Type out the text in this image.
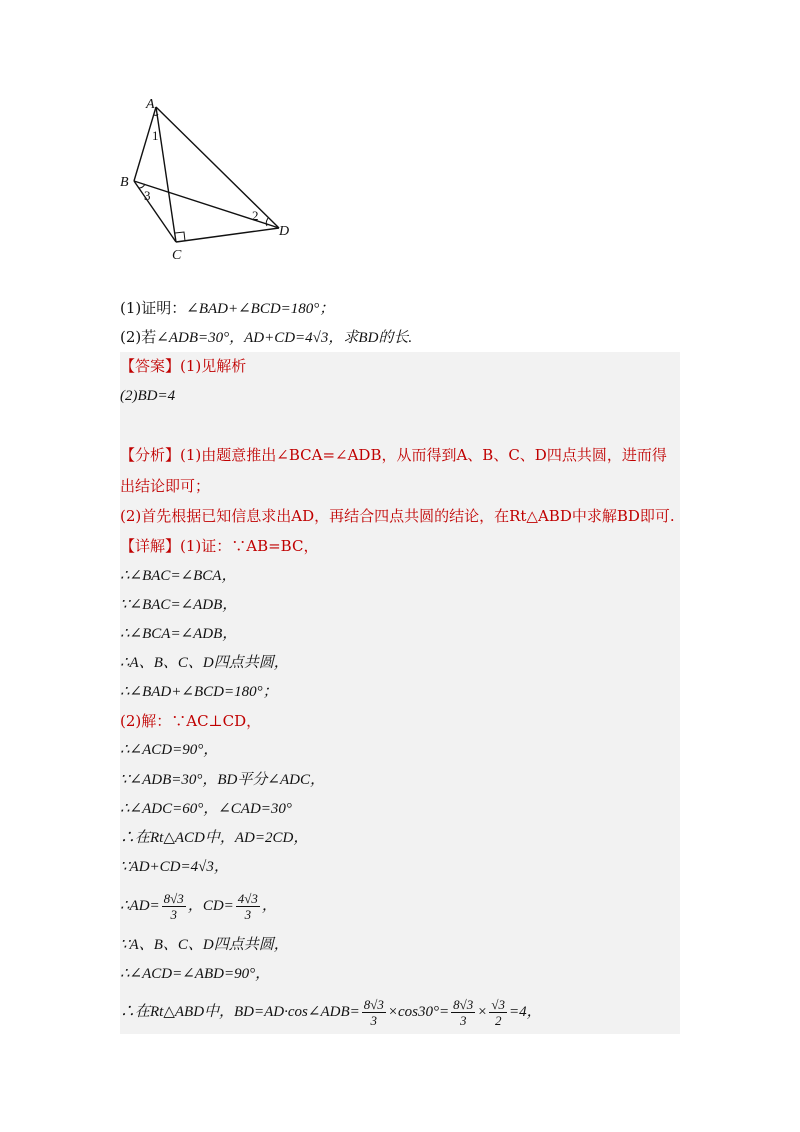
A
B
C
D
1
2
3
(1)证明：∠BAD+∠BCD=180°；
(2)若∠ADB=30°，AD+CD=4√3，求BD的长.
【答案】(1)见解析
(2)BD=4
【分析】(1)由题意推出∠BCA=∠ADB，从而得到A、B、C、D四点共圆，进而得
出结论即可；
(2)首先根据已知信息求出AD，再结合四点共圆的结论，在Rt△ABD中求解BD即可.
【详解】(1)证：∵AB=BC，
∴∠BAC=∠BCA，
∵∠BAC=∠ADB，
∴∠BCA=∠ADB，
∴A、B、C、D四点共圆，
∴∠BAD+∠BCD=180°；
(2)解：∵AC⊥CD，
∴∠ACD=90°，
∵∠ADB=30°，BD平分∠ADC，
∴∠ADC=60°，∠CAD=30°
∴在Rt△ACD中，AD=2CD，
∵AD+CD=4√3，
∴AD= $\frac{8√3}{3}$ ，$CD= \frac{4√3}{3}$ ，
∵A、B、C、D四点共圆，
∴∠ACD=∠ABD=90°，
∴在Rt△ABD中，BD=AD·cos∠ADB= $\frac{8√3}{3} \times\cos 30^\circ= \frac{8√3}{3} \times \frac{√3}{2} =4$，
